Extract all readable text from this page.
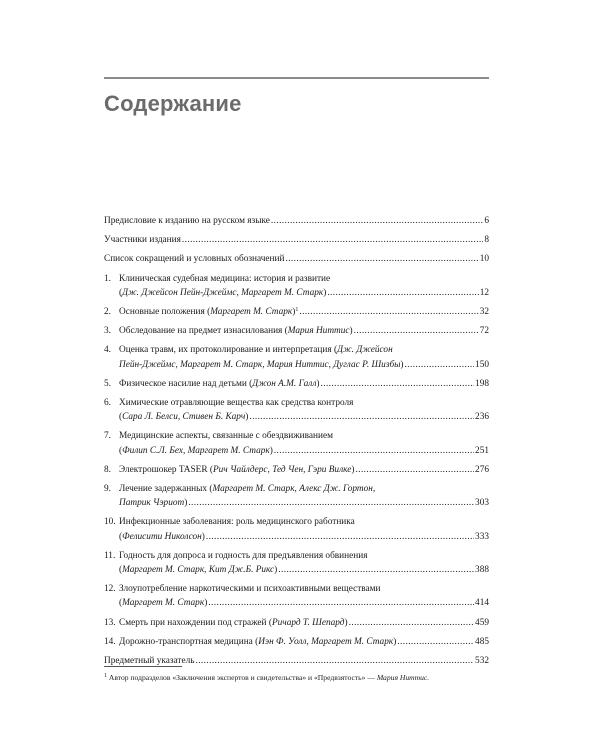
Содержание
Предисловие к изданию на русском языке .....	6
Участники издания .....	8
Список сокращений и условных обозначений .....	10
1. Клиническая судебная медицина: история и развитие
(Дж. Джейсон Пейн-Джеймс, Маргарет М. Старк) .....	12
2. Основные положения (Маргарет М. Старк)$^1$ .....	32
3. Обследование на предмет изнасилования (Мария Ниттис) .....	72
4. Оценка травм, их протоколирование и интерпретация (Дж. Джейсон
Пейн-Джеймс, Маргарет М. Старк, Мария Ниттис, Дуглас Р. Шизбы) .....	150
5. Физическое насилие над детьми (Джон А.М. Галл) .....	198
6. Химические отравляющие вещества как средства контроля
(Сара Л. Белси, Стивен Б. Карч) .....	236
7. Медицинские аспекты, связанные с обездвиживанием
(Филип С.Л. Бех, Маргарет М. Старк) .....	251
8. Электрошокер TASER (Рич Чайлдерс, Тед Чен, Гэри Вилке) .....	276
9. Лечение задержанных (Маргарет М. Старк, Алекс Дж. Гортон,
Патрик Чэриот) .....	303
10. Инфекционные заболевания: роль медицинского работника
(Фелисити Николсон) .....	333
11. Годность для допроса и годность для предъявления обвинения
(Маргарет М. Старк, Кит Дж.Б. Рикс) .....	388
12. Злоупотребление наркотическими и психоактивными веществами
(Маргарет М. Старк) .....	414
13. Смерть при нахождении под стражей (Ричард Т. Шепард) .....	459
14. Дорожно-транспортная медицина (Иэн Ф. Уолл, Маргарет М. Старк) .....	485
Предметный указатель .....	532
$^1$ Автор подразделов «Заключения экспертов и свидетельства» и «Предвзятость» — Мария Ниттис.
